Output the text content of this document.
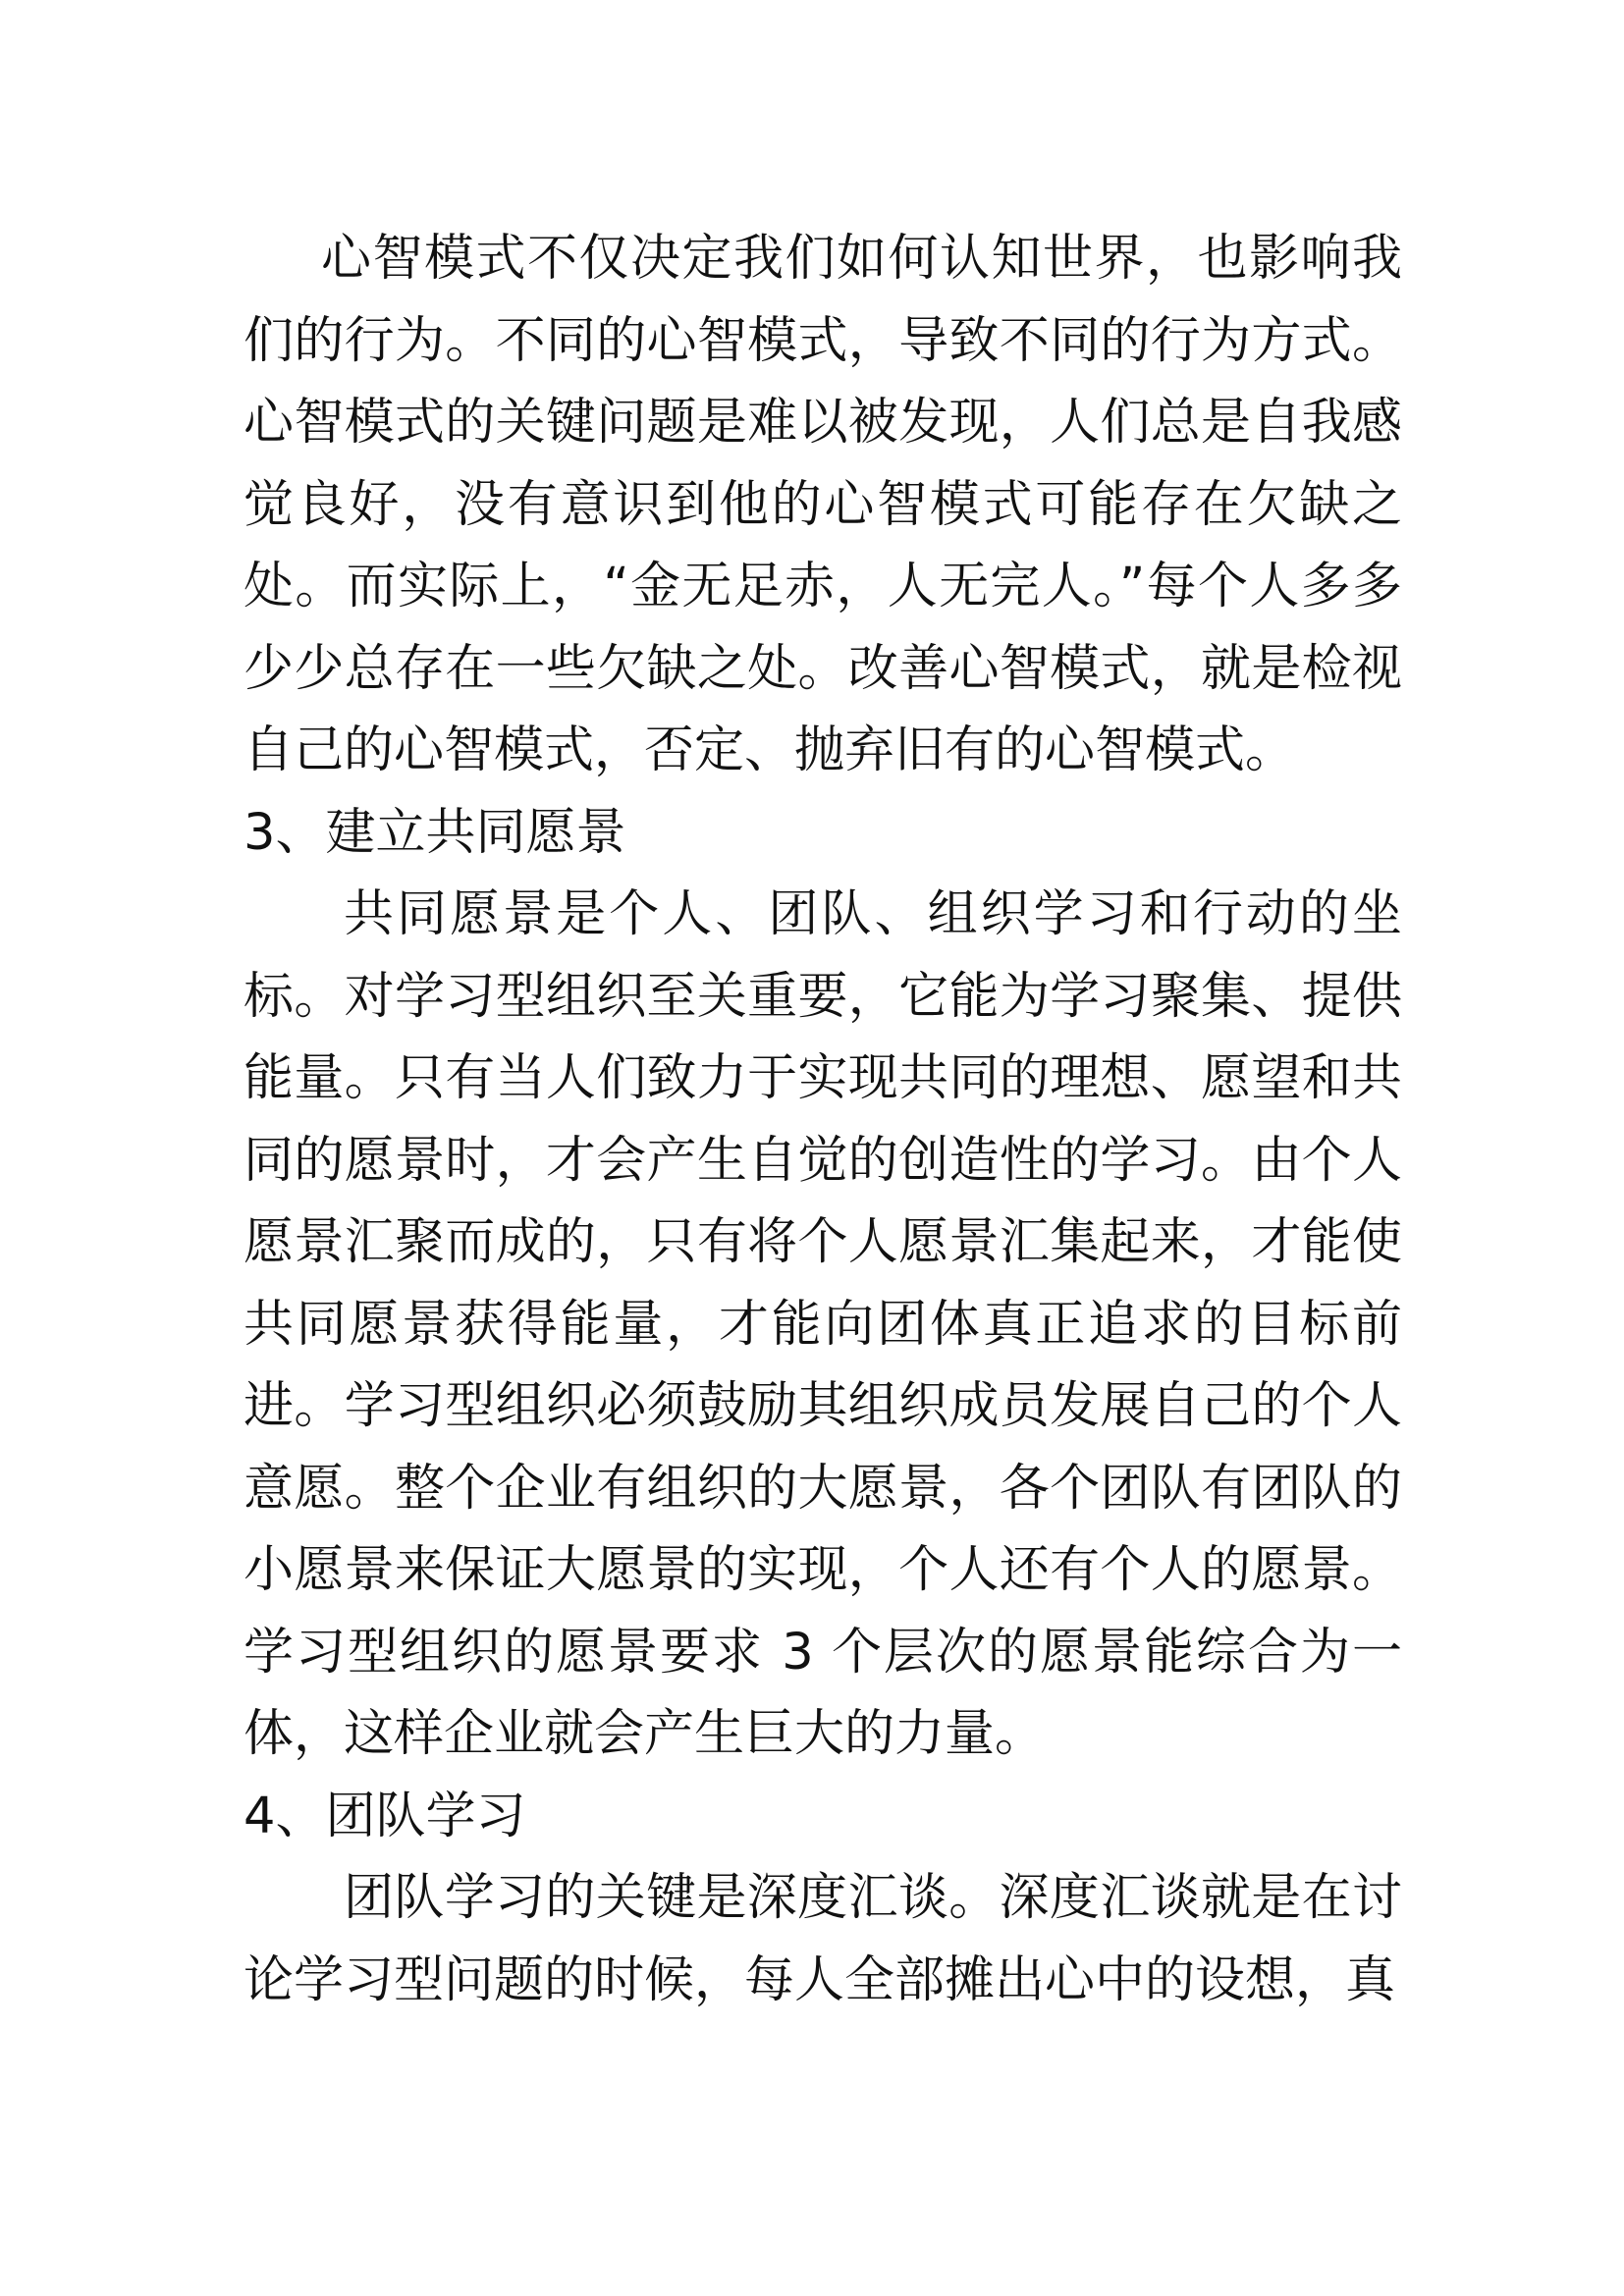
心智模式不仅决定我们如何认知世界，也影响我们的行为。不同的心智模式，导致不同的行为方式。心智模式的关键问题是难以被发现，人们总是自我感觉良好，没有意识到他的心智模式可能存在欠缺之处。而实际上，“金无足赤，人无完人。”每个人多多少少总存在一些欠缺之处。改善心智模式，就是检视自己的心智模式，否定、抛弃旧有的心智模式。

3、建立共同愿景

共同愿景是个人、团队、组织学习和行动的坐标。对学习型组织至关重要，它能为学习聚集、提供能量。只有当人们致力于实现共同的理想、愿望和共同的愿景时，才会产生自觉的创造性的学习。由个人愿景汇聚而成的，只有将个人愿景汇集起来，才能使共同愿景获得能量，才能向团体真正追求的目标前进。学习型组织必须鼓励其组织成员发展自己的个人意愿。整个企业有组织的大愿景，各个团队有团队的小愿景来保证大愿景的实现，个人还有个人的愿景。学习型组织的愿景要求 3 个层次的愿景能综合为一体，这样企业就会产生巨大的力量。

4、团队学习

团队学习的关键是深度汇谈。深度汇谈就是在讨论学习型问题的时候，每人全部摊出心中的设想，真
